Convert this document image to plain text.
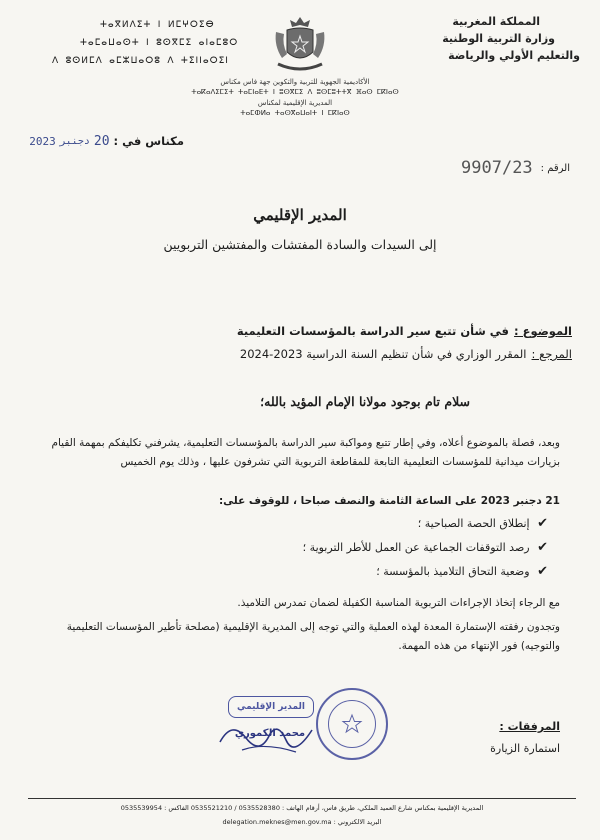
ⵜⴰⴳⵍⴷⵉⵜ ⵏ ⵍⵎⵖⵔⵉⴱ
ⵜⴰⵎⴰⵡⴰⵙⵜ ⵏ ⵓⵙⴳⵎⵉ ⴰⵏⴰⵎⵓⵔ
ⴷ ⵓⵙⵍⵎⴷ ⴰⵎⵣⵡⴰⵔⵓ ⴷ ⵜⵉⵏⵏⴰⵔⵉⵏ
المملكة المغربية
وزارة التربية الوطنية
والتعليم الأولي والرياضة
الأكاديمية الجهوية للتربية والتكوين جهة فاس مكناس
ⵜⴰⴽⴰⴷⵉⵎⵉⵜ ⵜⴰⵎⵏⴰⴹⵜ ⵏ ⵓⵙⴳⵎⵉ ⴷ ⵓⵙⵎⵓⵜⵜⴳ ⴼⴰⵙ ⵎⴽⵏⴰⵙ
المديرية الإقليمية لمكناس
ⵜⴰⵎⵀⵍⴰ ⵜⴰⵙⴳⴰⵡⴰⵏⵜ ⵏ ⵎⴽⵏⴰⵙ
مكناس في :
20
دجنبر
2023
الرقم :
9907/23
المدير الإقليمي
إلى السيدات والسادة المفتشات والمفتشين التربويين
الموضوع : في شأن تتبع سير الدراسة بالمؤسسات التعليمية
المرجع : المقرر الوزاري في شأن تنظيم السنة الدراسية 2023-2024
سلام تام بوجود مولانا الإمام المؤيد بالله؛
وبعد، فصلة بالموضوع أعلاه، وفي إطار تتبع ومواكبة سير الدراسة بالمؤسسات التعليمية، يشرفني تكليفكم بمهمة القيام بزيارات ميدانية للمؤسسات التعليمية التابعة للمقاطعة التربوية التي تشرفون عليها ، وذلك يوم الخميس
21 دجنبر 2023 على الساعة الثامنة والنصف صباحا ، للوقوف على:
✔ إنطلاق الحصة الصباحية ؛
✔ رصد التوقفات الجماعية عن العمل للأطر التربوية ؛
✔ وضعية التحاق التلاميذ بالمؤسسة ؛
مع الرجاء إتخاذ الإجراءات التربوية المناسبة الكفيلة لضمان تمدرس التلاميذ.
وتجدون رفقته الإستمارة المعدة لهذه العملية والتي توجه إلى المديرية الإقليمية (مصلحة تأطير المؤسسات التعليمية والتوجيه) فور الإنتهاء من هذه المهمة.
المدير الإقليمي
محمد الكموري
المرفقات :
استمارة الزيارة
المديرية الإقليمية بمكناس شارع العميد الملكي، طريق فاس، أرقام الهاتف : 0535528380 / 0535521210 الفاكس : 0535539954
البريد الالكتروني : delegation.meknes@men.gov.ma
